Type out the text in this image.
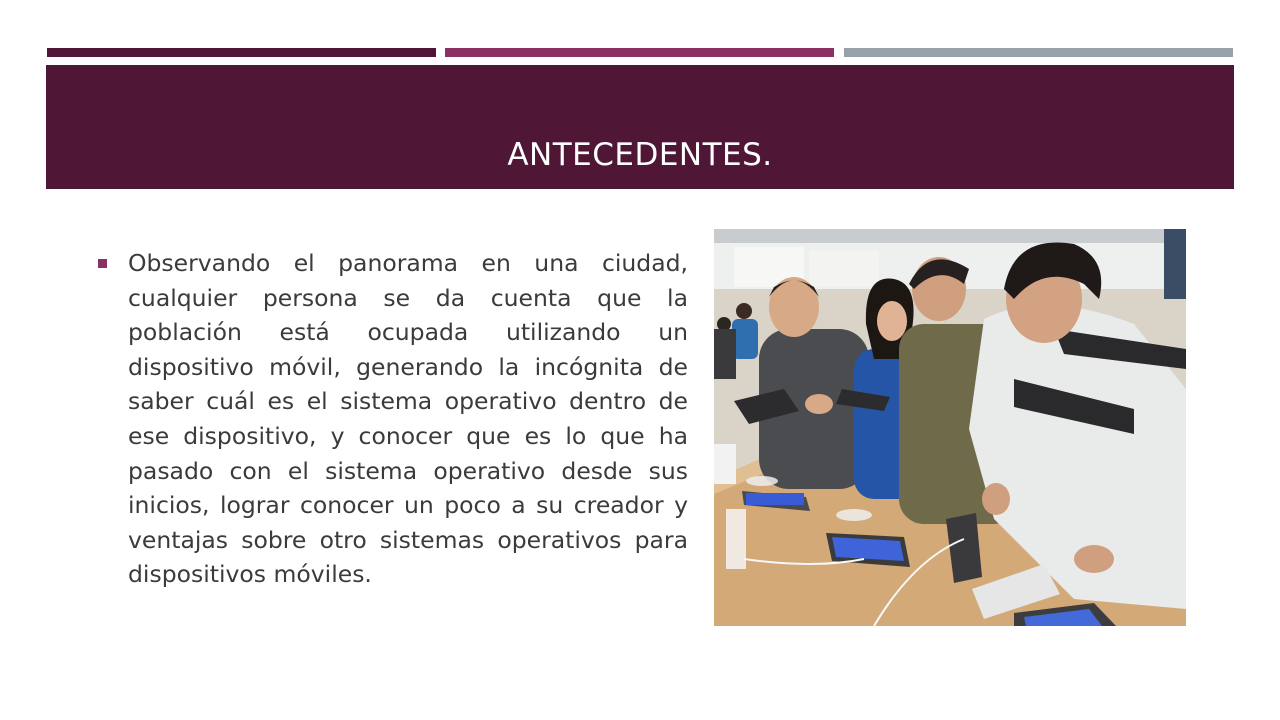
ANTECEDENTES.
Observando el panorama en una ciudad, cualquier persona se da cuenta que la población está ocupada utilizando un dispositivo móvil, generando la incógnita de saber cuál es el sistema operativo dentro de ese dispositivo, y conocer que es lo que ha pasado con el sistema operativo desde sus inicios, lograr conocer un poco a su creador y ventajas sobre otro sistemas operativos para dispositivos móviles.
